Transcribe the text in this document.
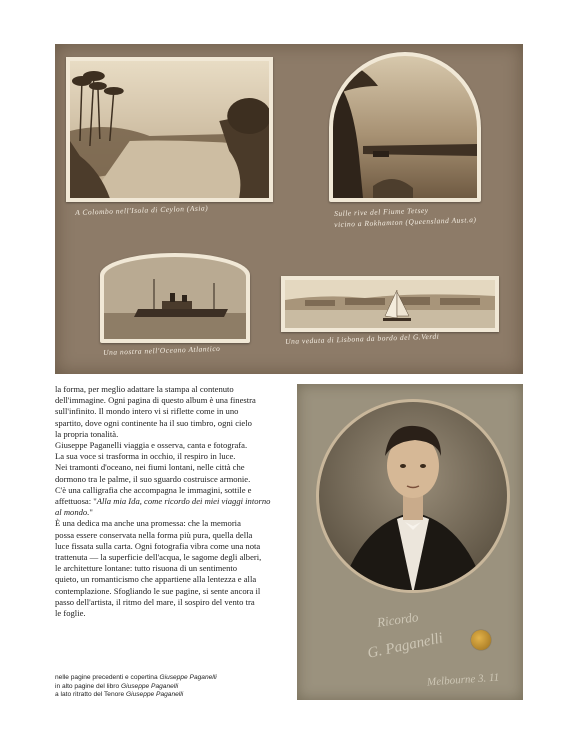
A Colombo nell'Isola di Ceylon (Asia)	Sulle rive del Fiume Tetsey
vicino a Rokhamton (Queensland Aust.a)
Una nostra nell'Oceano Atlantico
Una veduta di Lisbona da bordo del G.Verdi

la forma, per meglio adattare la stampa al contenuto

dell'immagine. Ogni pagina di questo album è una finestra

sull'infinito. Il mondo intero vi si riflette come in uno

spartito, dove ogni continente ha il suo timbro, ogni cielo

la propria tonalità.

Giuseppe Paganelli viaggia e osserva, canta e fotografa.

La sua voce si trasforma in occhio, il respiro in luce.

Nei tramonti d'oceano, nei fiumi lontani, nelle città che

dormono tra le palme, il suo sguardo costruisce armonie.

C'è una calligrafia che accompagna le immagini, sottile e

affettuosa: "Alla mia Ida, come ricordo dei miei viaggi intorno

al mondo."

È una dedica ma anche una promessa: che la memoria

possa essere conservata nella forma più pura, quella della

luce fissata sulla carta. Ogni fotografia vibra come una nota

trattenuta — la superficie dell'acqua, le sagome degli alberi,

le architetture lontane: tutto risuona di un sentimento

quieto, un romanticismo che appartiene alla lentezza e alla

contemplazione. Sfogliando le sue pagine, si sente ancora il

passo dell'artista, il ritmo del mare, il sospiro del vento tra

le foglie.

nelle pagine precedenti e copertina Giuseppe Paganelli
in alto pagine del libro Giuseppe Paganelli
a lato ritratto del Tenore Giuseppe Paganelli
Ricordo
G. Paganelli
Melbourne 3. 11
